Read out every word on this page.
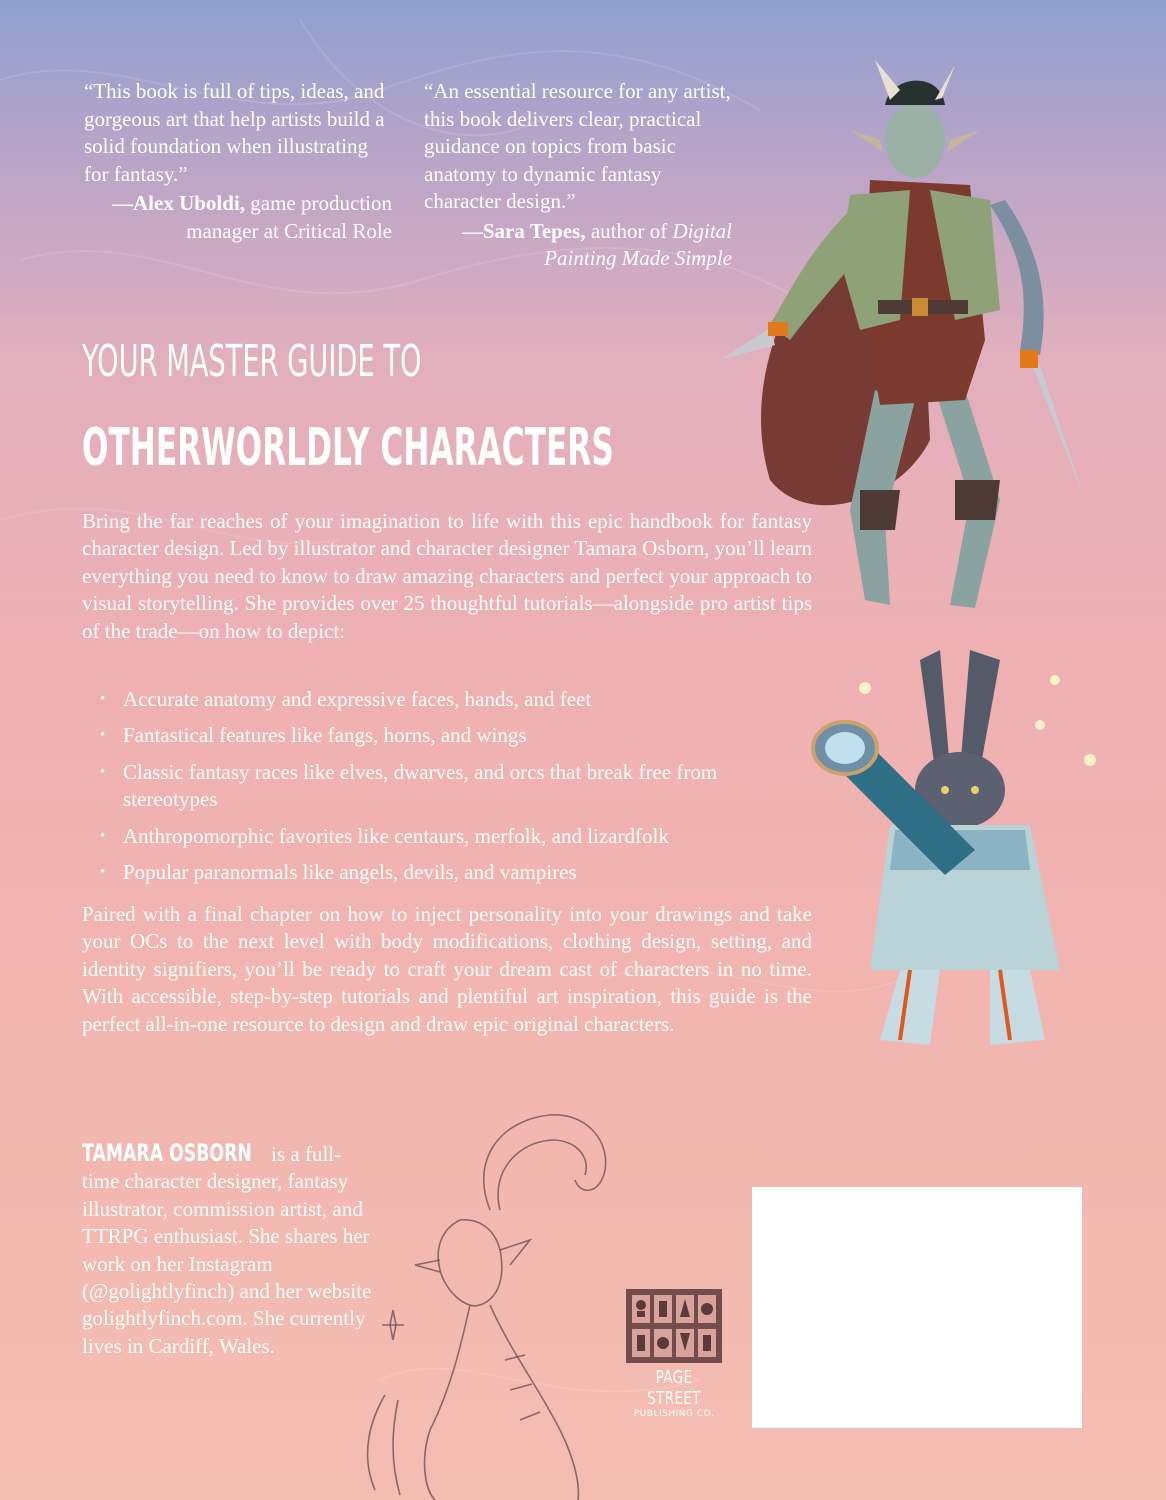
“This book is full of tips, ideas, and gorgeous art that help artists build a solid foundation when illustrating for fantasy.”

—Alex Uboldi, game production manager at Critical Role

“An essential resource for any artist, this book delivers clear, practical guidance on topics from basic anatomy to dynamic fantasy character design.”

—Sara Tepes, author of Digital Painting Made Simple

YOUR MASTER GUIDE TO
OTHERWORLDLY CHARACTERS

Bring the far reaches of your imagination to life with this epic handbook for fantasy character design. Led by illustrator and character designer Tamara Osborn, you’ll learn everything you need to know to draw amazing characters and perfect your approach to visual storytelling. She provides over 25 thoughtful tutorials—alongside pro artist tips of the trade—on how to depict:

• Accurate anatomy and expressive faces, hands, and feet
• Fantastical features like fangs, horns, and wings
• Classic fantasy races like elves, dwarves, and orcs that break free from stereotypes
• Anthropomorphic favorites like centaurs, merfolk, and lizardfolk
• Popular paranormals like angels, devils, and vampires
Paired with a final chapter on how to inject personality into your drawings and take your OCs to the next level with body modifications, clothing design, setting, and identity signifiers, you’ll be ready to craft your dream cast of characters in no time. With accessible, step-by-step tutorials and plentiful art inspiration, this guide is the perfect all-in-one resource to design and draw epic original characters.
TAMARA OSBORN is a full-time character designer, fantasy illustrator, commission artist, and TTRPG enthusiast. She shares her work on her Instagram (@golightlyfinch) and her website golightlyfinch.com. She currently lives in Cardiff, Wales.
PAGE STREET
PUBLISHING CO.
